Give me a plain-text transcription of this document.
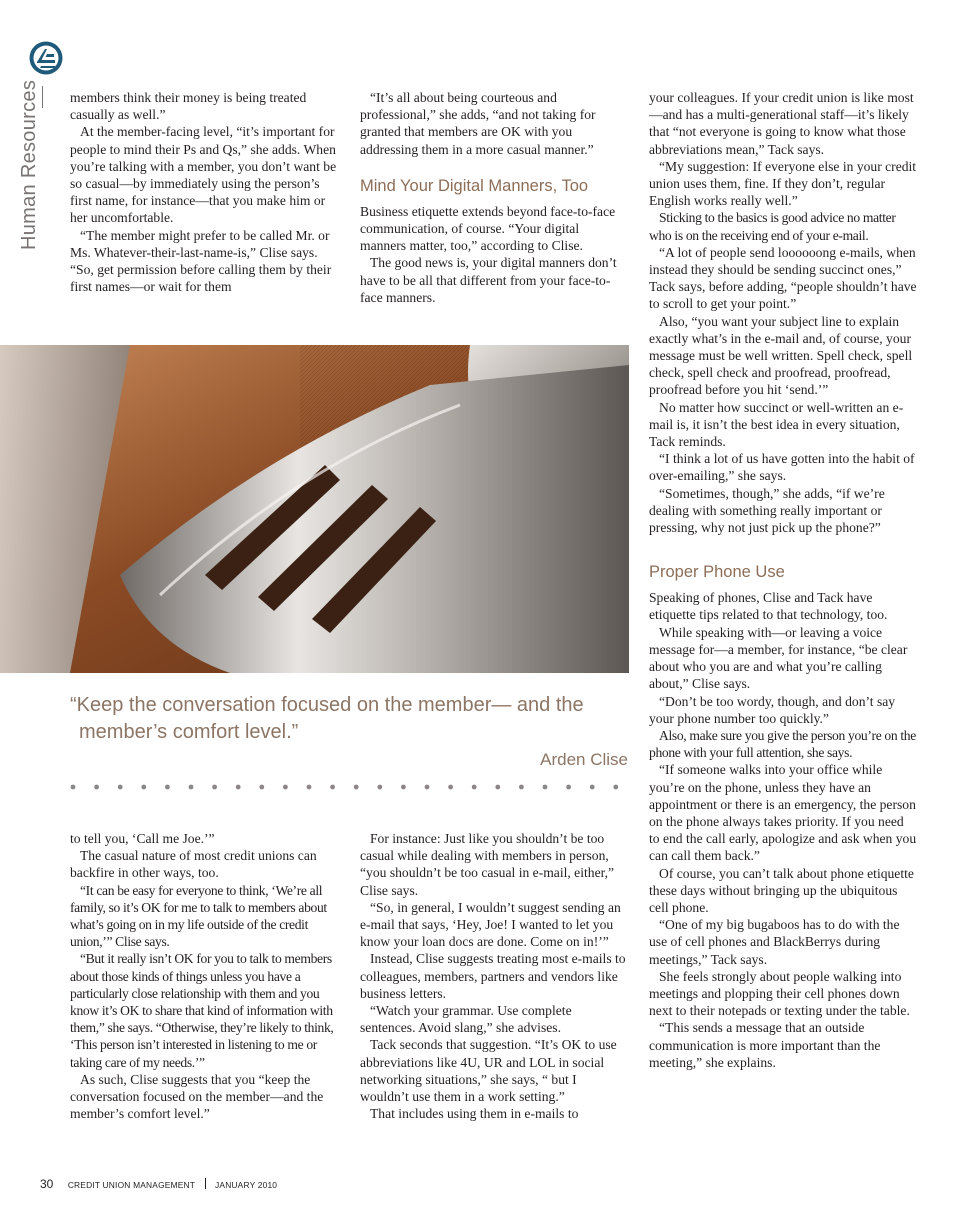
Human Resources members think their money is being treated casually as well.”

At the member-facing level, “it’s important for people to mind their Ps and Qs,” she adds. When you’re talking with a member, you don’t want be so casual—by immediately using the person’s first name, for instance—that you make him or her uncomfortable.

“The member might prefer to be called Mr. or Ms. Whatever-their-last-name-is,” Clise says. “So, get permission before calling them by their first names—or wait for them

“It’s all about being courteous and professional,” she adds, “and not taking for granted that members are OK with you addressing them in a more casual manner.”

Mind Your Digital Manners, Too

Business etiquette extends beyond face-to-face communication, of course. “Your digital manners matter, too,” according to Clise.

The good news is, your digital manners don’t have to be all that different from your face-to-face manners.

your colleagues. If your credit union is like most—and has a multi-generational staff—it’s likely that “not everyone is going to know what those abbreviations mean,” Tack says.

“My suggestion: If everyone else in your credit union uses them, fine. If they don’t, regular English works really well.”

Sticking to the basics is good advice no matter who is on the receiving end of your e-mail.

“A lot of people send loooooong e-mails, when instead they should be sending succinct ones,” Tack says, before adding, “people shouldn’t have to scroll to get your point.”

Also, “you want your subject line to explain exactly what’s in the e-mail and, of course, your message must be well written. Spell check, spell check, spell check and proofread, proofread, proofread before you hit ‘send.’”

No matter how succinct or well-written an e-mail is, it isn’t the best idea in every situation, Tack reminds.

“I think a lot of us have gotten into the habit of over-emailing,” she says.

“Sometimes, though,” she adds, “if we’re dealing with something really important or pressing, why not just pick up the phone?”

Proper Phone Use

Speaking of phones, Clise and Tack have etiquette tips related to that technology, too.

While speaking with—or leaving a voice message for—a member, for instance, “be clear about who you are and what you’re calling about,” Clise says.

“Don’t be too wordy, though, and don’t say your phone number too quickly.”

Also, make sure you give the person you’re on the phone with your full attention, she says.

“If someone walks into your office while you’re on the phone, unless they have an appointment or there is an emergency, the person on the phone always takes priority. If you need to end the call early, apologize and ask when you can call them back.”

Of course, you can’t talk about phone etiquette these days without bringing up the ubiquitous cell phone.

“One of my big bugaboos has to do with the use of cell phones and BlackBerrys during meetings,” Tack says.

She feels strongly about people walking into meetings and plopping their cell phones down next to their notepads or texting under the table.

“This sends a message that an outside communication is more important than the meeting,” she explains.

“Keep the conversation focused on the member— and the
member’s comfort level.”
Arden Clise

to tell you, ‘Call me Joe.’”

The casual nature of most credit unions can backfire in other ways, too.

“It can be easy for everyone to think, ‘We’re all family, so it’s OK for me to talk to members about what’s going on in my life outside of the credit union,’” Clise says.

“But it really isn’t OK for you to talk to members about those kinds of things unless you have a particularly close relationship with them and you know it’s OK to share that kind of information with them,” she says. “Otherwise, they’re likely to think, ‘This person isn’t interested in listening to me or taking care of my needs.’”

As such, Clise suggests that you “keep the conversation focused on the member—and the member’s comfort level.”

For instance: Just like you shouldn’t be too casual while dealing with members in person, “you shouldn’t be too casual in e-mail, either,” Clise says.

“So, in general, I wouldn’t suggest sending an e-mail that says, ‘Hey, Joe! I wanted to let you know your loan docs are done. Come on in!’”

Instead, Clise suggests treating most e-mails to colleagues, members, partners and vendors like business letters.

“Watch your grammar. Use complete sentences. Avoid slang,” she advises.

Tack seconds that suggestion. “It’s OK to use abbreviations like 4U, UR and LOL in social networking situations,” she says, “ but I wouldn’t use them in a work setting.”

That includes using them in e-mails to

30 CREDIT UNION MANAGEMENT JANUARY 2010
